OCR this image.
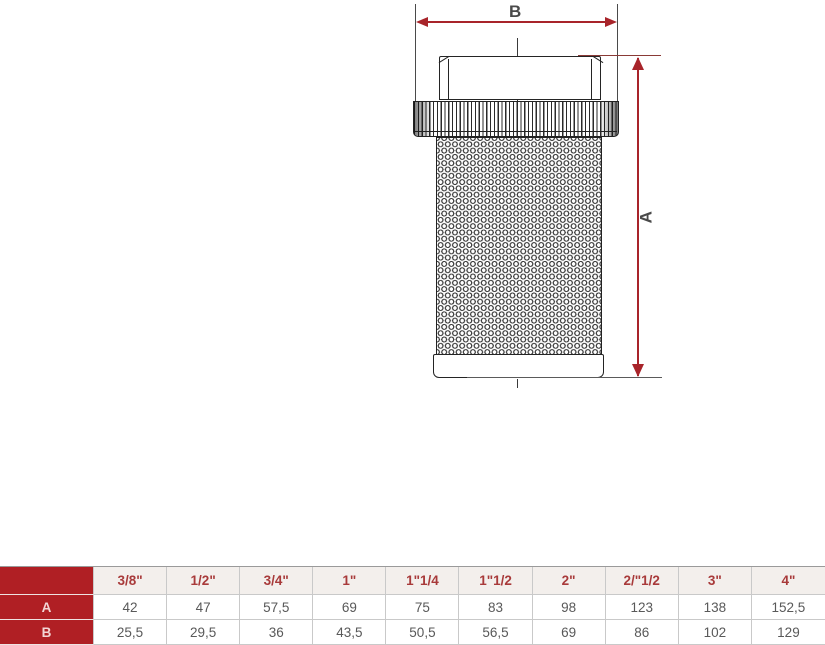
B
A
3/8"	1/2"	3/4"	1"	1"1/4	1"1/2	2"	2/"1/2	3"	4"
A	42	47	57,5	69	75	83	98	123	138	152,5
B	25,5	29,5	36	43,5	50,5	56,5	69	86	102	129
